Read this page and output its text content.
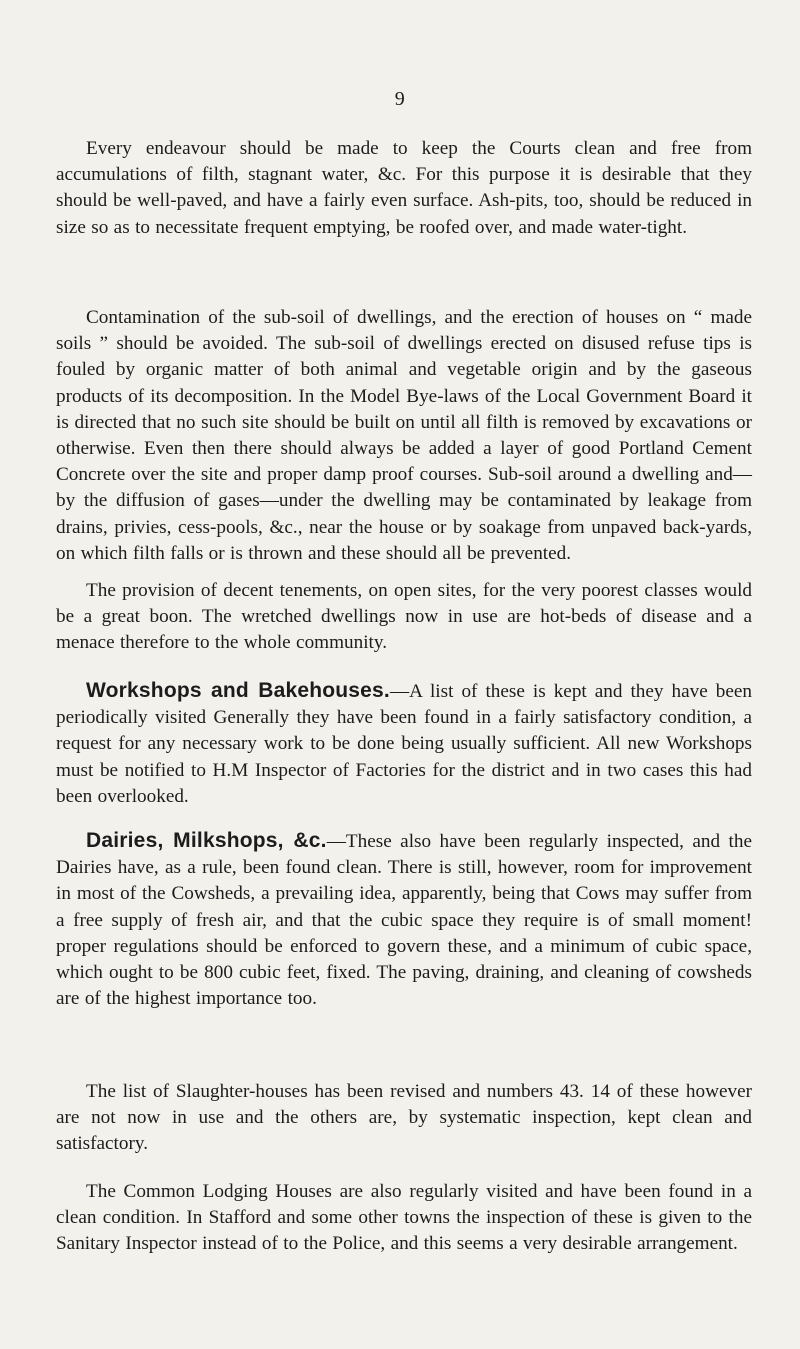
9

Every endeavour should be made to keep the Courts clean and free from accumulations of filth, stagnant water, &c. For this purpose it is desirable that they should be well-paved, and have a fairly even surface. Ash-pits, too, should be reduced in size so as to necessitate frequent emptying, be roofed over, and made water-tight.

Contamination of the sub-soil of dwellings, and the erection of houses on “ made soils ” should be avoided. The sub-soil of dwellings erected on disused refuse tips is fouled by organic matter of both animal and vegetable origin and by the gaseous products of its decomposition. In the Model Bye-laws of the Local Government Board it is directed that no such site should be built on until all filth is removed by excavations or otherwise. Even then there should always be added a layer of good Portland Cement Concrete over the site and proper damp proof courses. Sub-soil around a dwelling and—by the diffusion of gases—under the dwelling may be contaminated by leakage from drains, privies, cess-pools, &c., near the house or by soakage from unpaved back-yards, on which filth falls or is thrown and these should all be prevented.

The provision of decent tenements, on open sites, for the very poorest classes would be a great boon. The wretched dwellings now in use are hot-beds of disease and a menace therefore to the whole community.

Workshops and Bakehouses.—A list of these is kept and they have been periodically visited Generally they have been found in a fairly satisfactory condition, a request for any necessary work to be done being usually sufficient. All new Workshops must be notified to H.M Inspector of Factories for the district and in two cases this had been overlooked.

Dairies, Milkshops, &c.—These also have been regularly inspected, and the Dairies have, as a rule, been found clean. There is still, however, room for improvement in most of the Cowsheds, a prevailing idea, apparently, being that Cows may suffer from a free supply of fresh air, and that the cubic space they require is of small moment! proper regulations should be enforced to govern these, and a minimum of cubic space, which ought to be 800 cubic feet, fixed. The paving, draining, and cleaning of cowsheds are of the highest importance too.

The list of Slaughter-houses has been revised and numbers 43. 14 of these however are not now in use and the others are, by systematic inspection, kept clean and satisfactory.

The Common Lodging Houses are also regularly visited and have been found in a clean condition. In Stafford and some other towns the inspection of these is given to the Sanitary Inspector instead of to the Police, and this seems a very desirable arrangement.
